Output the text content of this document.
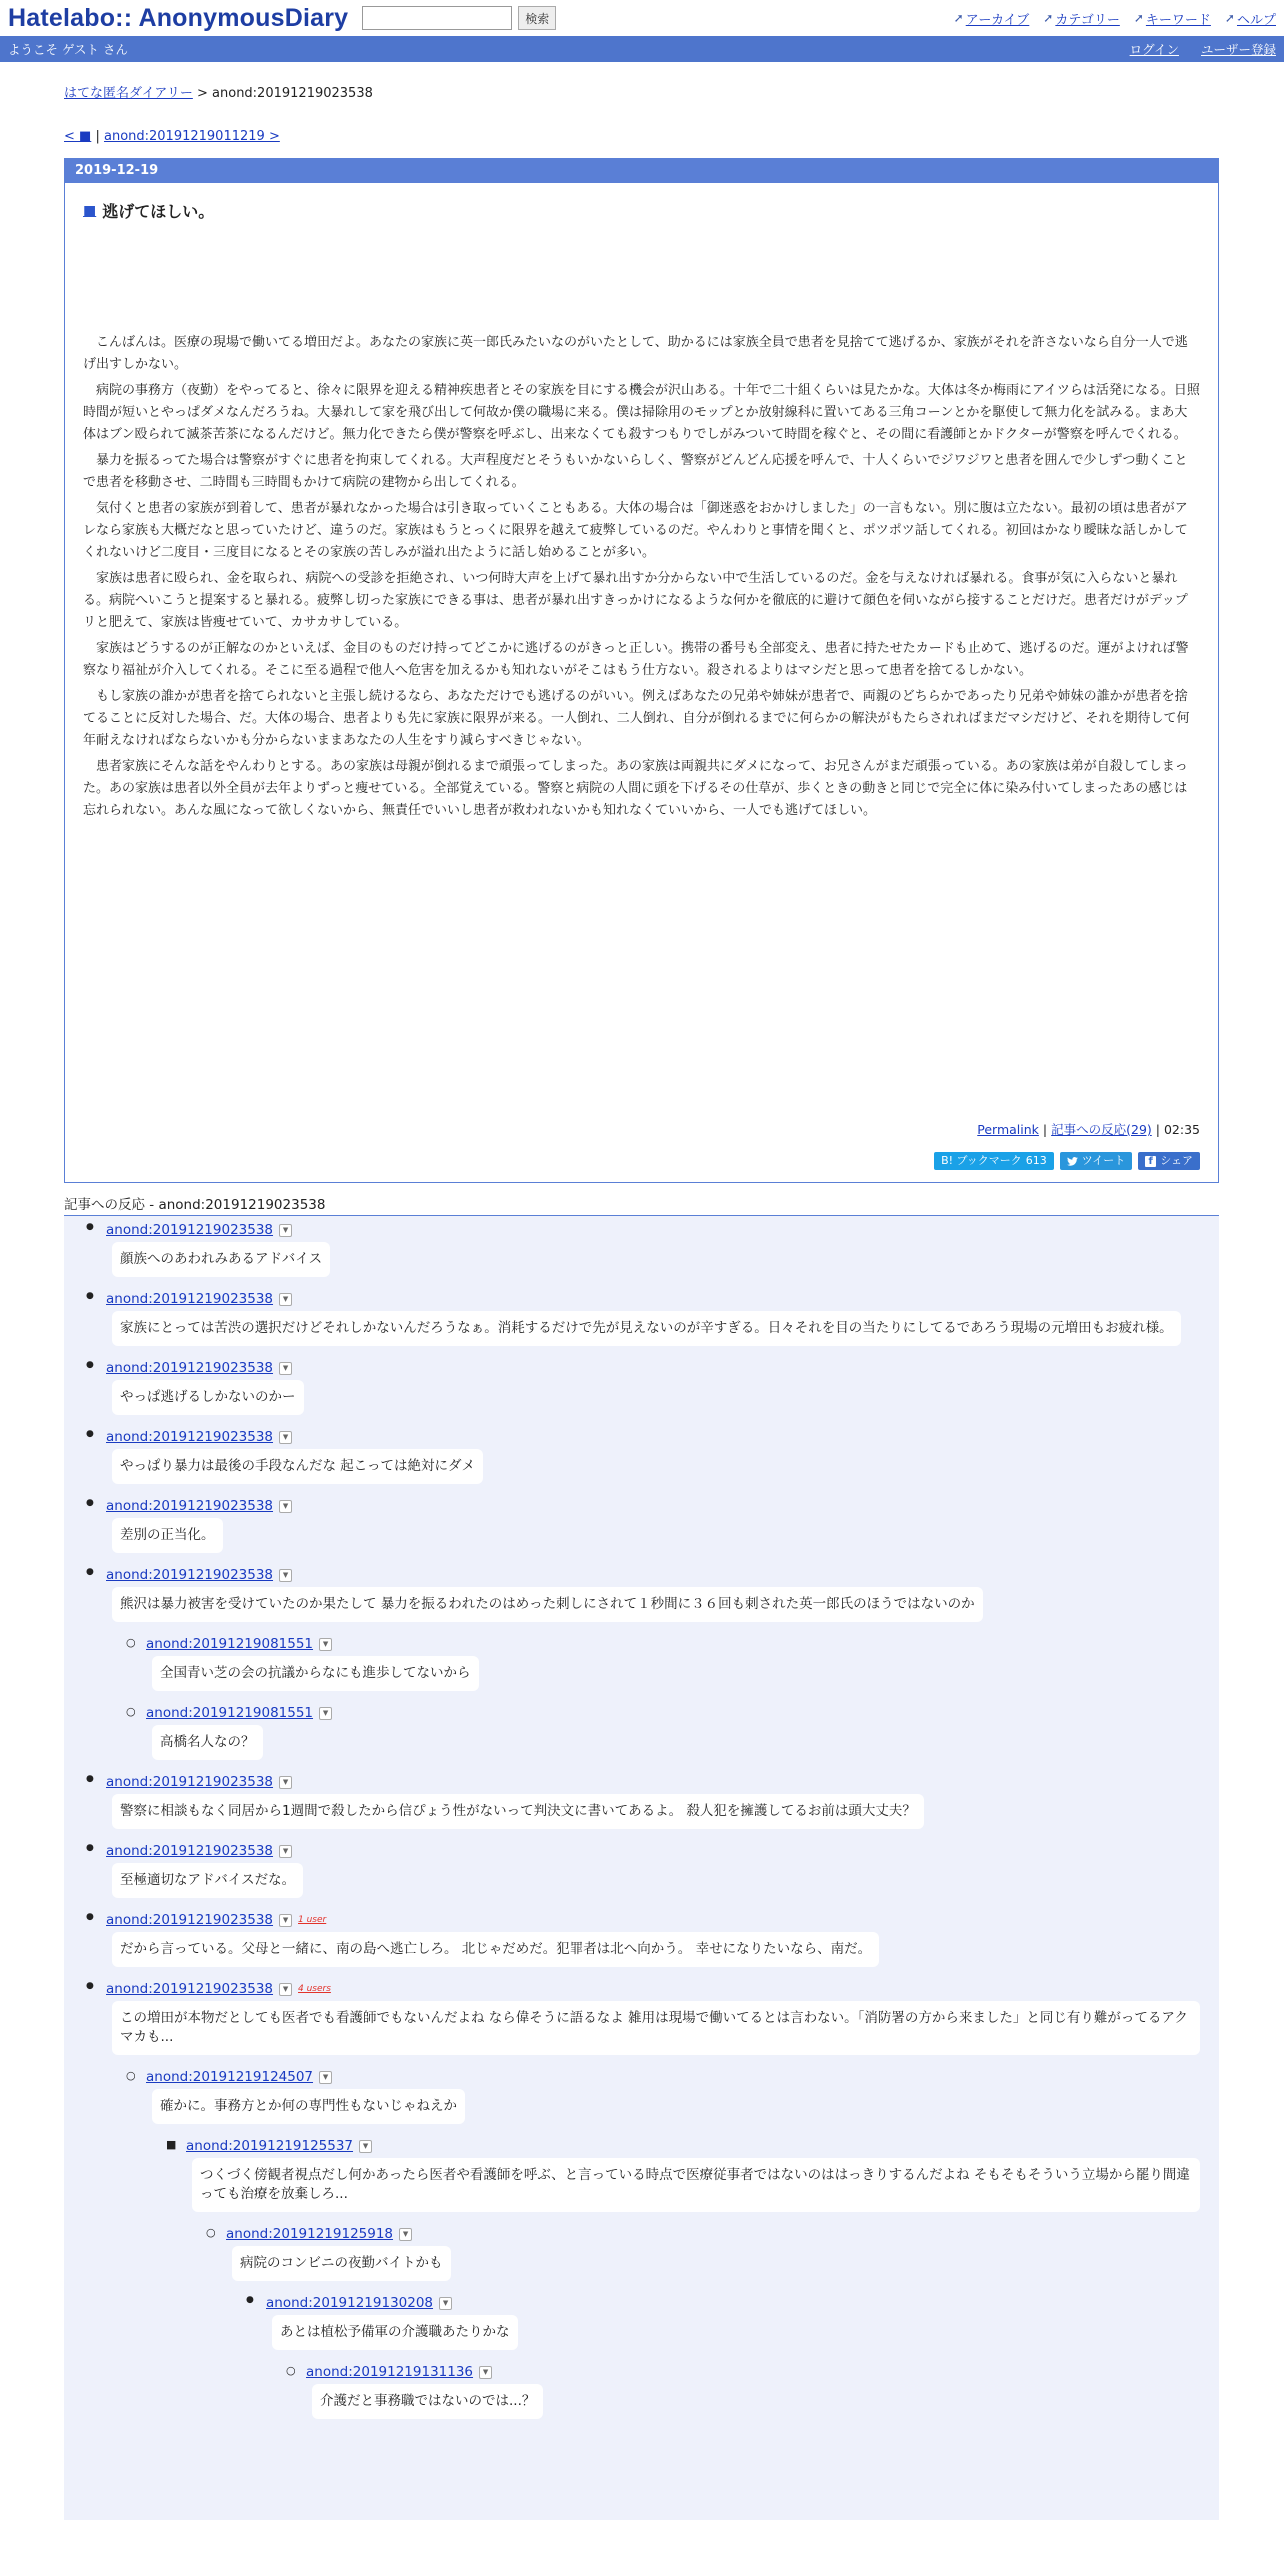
Hatelabo:: AnonymousDiary	検索	➚ アーカイブ ➚ カテゴリー ➚ キーワード ➚ ヘルプ
ようこそ ゲスト さん	ログイン ユーザー登録
はてな匿名ダイアリー > anond:20191219023538
< ■ | anond:20191219011219 >
2019-12-19
■ 逃げてほしい。

こんばんは。医療の現場で働いてる増田だよ。あなたの家族に英一郎氏みたいなのがいたとして、助かるには家族全員で患者を見捨てて逃げるか、家族がそれを許さないなら自分一人で逃げ出すしかない。

病院の事務方（夜勤）をやってると、徐々に限界を迎える精神疾患者とその家族を目にする機会が沢山ある。十年で二十組くらいは見たかな。大体は冬か梅雨にアイツらは活発になる。日照時間が短いとやっぱダメなんだろうね。大暴れして家を飛び出して何故か僕の職場に来る。僕は掃除用のモップとか放射線科に置いてある三角コーンとかを駆使して無力化を試みる。まあ大体はブン殴られて滅茶苦茶になるんだけど。無力化できたら僕が警察を呼ぶし、出来なくても殺すつもりでしがみついて時間を稼ぐと、その間に看護師とかドクターが警察を呼んでくれる。

暴力を振るってた場合は警察がすぐに患者を拘束してくれる。大声程度だとそうもいかないらしく、警察がどんどん応援を呼んで、十人くらいでジワジワと患者を囲んで少しずつ動くことで患者を移動させ、二時間も三時間もかけて病院の建物から出してくれる。

気付くと患者の家族が到着して、患者が暴れなかった場合は引き取っていくこともある。大体の場合は「御迷惑をおかけしました」の一言もない。別に腹は立たない。最初の頃は患者がアレなら家族も大概だなと思っていたけど、違うのだ。家族はもうとっくに限界を越えて疲弊しているのだ。やんわりと事情を聞くと、ポツポツ話してくれる。初回はかなり曖昧な話しかしてくれないけど二度目・三度目になるとその家族の苦しみが溢れ出たように話し始めることが多い。

家族は患者に殴られ、金を取られ、病院への受診を拒絶され、いつ何時大声を上げて暴れ出すか分からない中で生活しているのだ。金を与えなければ暴れる。食事が気に入らないと暴れる。病院へいこうと提案すると暴れる。疲弊し切った家族にできる事は、患者が暴れ出すきっかけになるような何かを徹底的に避けて顔色を伺いながら接することだけだ。患者だけがデップリと肥えて、家族は皆痩せていて、カサカサしている。

家族はどうするのが正解なのかといえば、金目のものだけ持ってどこかに逃げるのがきっと正しい。携帯の番号も全部変え、患者に持たせたカードも止めて、逃げるのだ。運がよければ警察なり福祉が介入してくれる。そこに至る過程で他人へ危害を加えるかも知れないがそこはもう仕方ない。殺されるよりはマシだと思って患者を捨てるしかない。

もし家族の誰かが患者を捨てられないと主張し続けるなら、あなただけでも逃げるのがいい。例えばあなたの兄弟や姉妹が患者で、両親のどちらかであったり兄弟や姉妹の誰かが患者を捨てることに反対した場合、だ。大体の場合、患者よりも先に家族に限界が来る。一人倒れ、二人倒れ、自分が倒れるまでに何らかの解決がもたらされればまだマシだけど、それを期待して何年耐えなければならないかも分からないままあなたの人生をすり減らすべきじゃない。

患者家族にそんな話をやんわりとする。あの家族は母親が倒れるまで頑張ってしまった。あの家族は両親共にダメになって、お兄さんがまだ頑張っている。あの家族は弟が自殺してしまった。あの家族は患者以外全員が去年よりずっと痩せている。全部覚えている。警察と病院の人間に頭を下げるその仕草が、歩くときの動きと同じで完全に体に染み付いてしまったあの感じは忘れられない。あんな風になって欲しくないから、無責任でいいし患者が救われないかも知れなくていいから、一人でも逃げてほしい。

Permalink | 記事への反応(29) | 02:35
B! ブックマーク 613	ツイート	f シェア
記事への反応 - anond:20191219023538
● anond:20191219023538	▼
顔族へのあわれみあるアドバイス
● anond:20191219023538	▼
家族にとっては苦渋の選択だけどそれしかないんだろうなぁ。消耗するだけで先が見えないのが辛すぎる。日々それを目の当たりにしてるであろう現場の元増田もお疲れ様。
● anond:20191219023538	▼
やっぱ逃げるしかないのかー
● anond:20191219023538	▼
やっぱり暴力は最後の手段なんだな 起こっては絶対にダメ
● anond:20191219023538	▼
差別の正当化。
● anond:20191219023538	▼
熊沢は暴力被害を受けていたのか果たして 暴力を振るわれたのはめった刺しにされて１秒間に３６回も刺された英一郎氏のほうではないのか
○ anond:20191219081551	▼
全国青い芝の会の抗議からなにも進歩してないから
○ anond:20191219081551	▼
高橋名人なの？
● anond:20191219023538	▼
警察に相談もなく同居から1週間で殺したから信ぴょう性がないって判決文に書いてあるよ。 殺人犯を擁護してるお前は頭大丈夫？
● anond:20191219023538	▼
至極適切なアドバイスだな。
● anond:20191219023538	▼	1 user
だから言っている。父母と一緒に、南の島へ逃亡しろ。 北じゃだめだ。犯罪者は北へ向かう。 幸せになりたいなら、南だ。
● anond:20191219023538	▼	4 users
この増田が本物だとしても医者でも看護師でもないんだよね なら偉そうに語るなよ 雑用は現場で働いてるとは言わない。「消防署の方から来ました」と同じ有り難がってるアクマカも...
○ anond:20191219124507	▼
確かに。事務方とか何の専門性もないじゃねえか
■ anond:20191219125537	▼
つくづく傍観者視点だし何かあったら医者や看護師を呼ぶ、と言っている時点で医療従事者ではないのははっきりするんだよね そもそもそういう立場から罷り間違っても治療を放棄しろ...
○ anond:20191219125918	▼
病院のコンビニの夜勤バイトかも
● anond:20191219130208	▼
あとは植松予備軍の介護職あたりかな
○ anond:20191219131136	▼
介護だと事務職ではないのでは...？
